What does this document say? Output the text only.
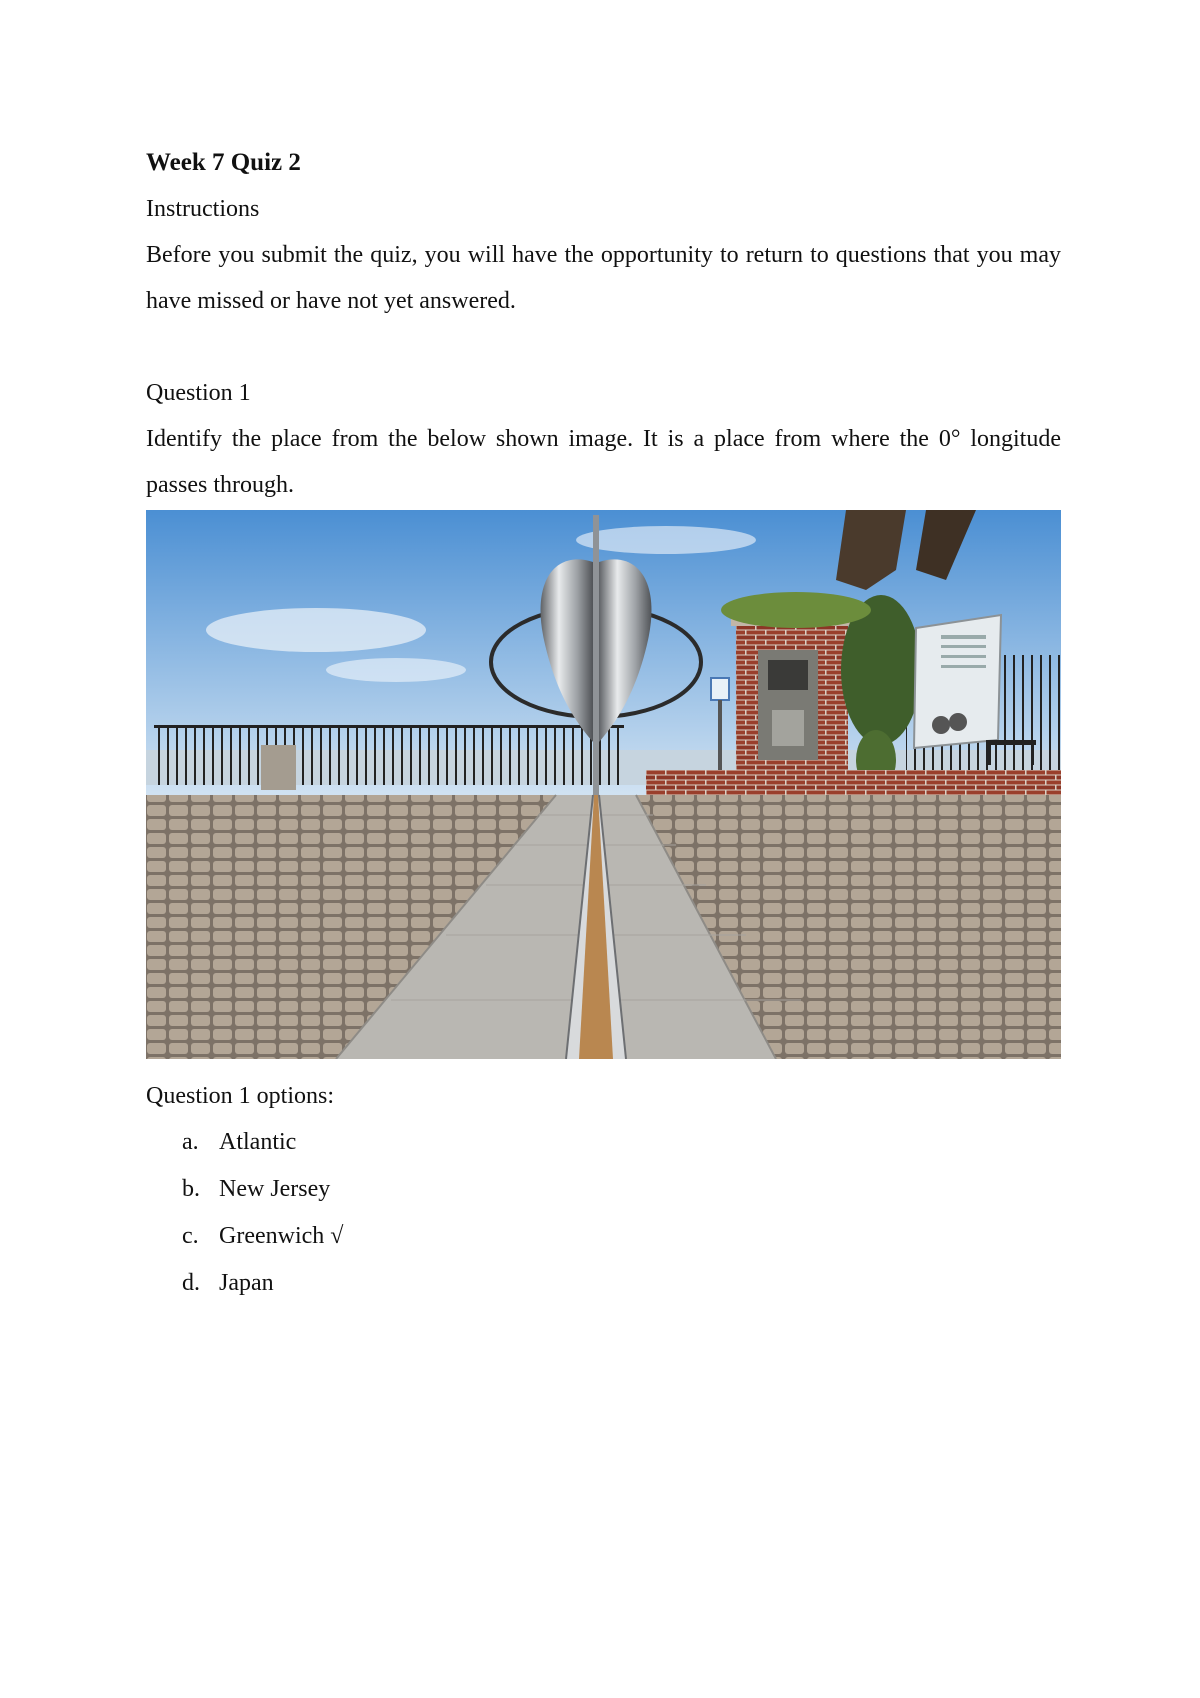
Week 7 Quiz 2

Instructions

Before you submit the quiz, you will have the opportunity to return to questions that you may have missed or have not yet answered.

Question 1

Identify the place from the below shown image. It is a place from where the 0° longitude passes through.

Question 1 options:

a. Atlantic
b. New Jersey
c. Greenwich √
d. Japan
